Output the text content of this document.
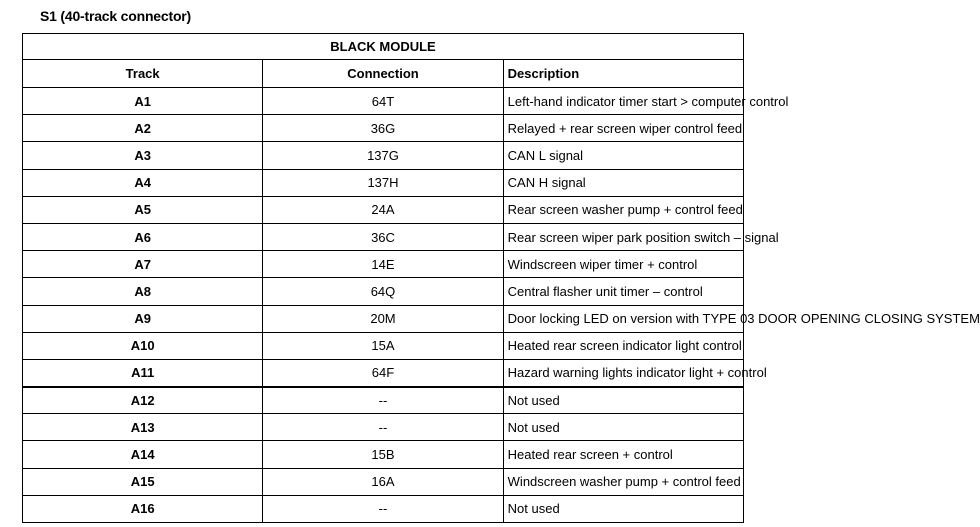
S1 (40-track connector)
BLACK MODULE		
Track	Connection	Description
A1	64T	Left-hand indicator timer start > computer control
A2	36G	Relayed + rear screen wiper control feed
A3	137G	CAN L signal
A4	137H	CAN H signal
A5	24A	Rear screen washer pump + control feed
A6	36C	Rear screen wiper park position switch – signal
A7	14E	Windscreen wiper timer + control
A8	64Q	Central flasher unit timer – control
A9	20M	Door locking LED on version with TYPE 03 DOOR OPENING CLOSING SYSTEM
A10	15A	Heated rear screen indicator light control
A11	64F	Hazard warning lights indicator light + control
A12	--	Not used
A13	--	Not used
A14	15B	Heated rear screen + control
A15	16A	Windscreen washer pump + control feed
A16	--	Not used
